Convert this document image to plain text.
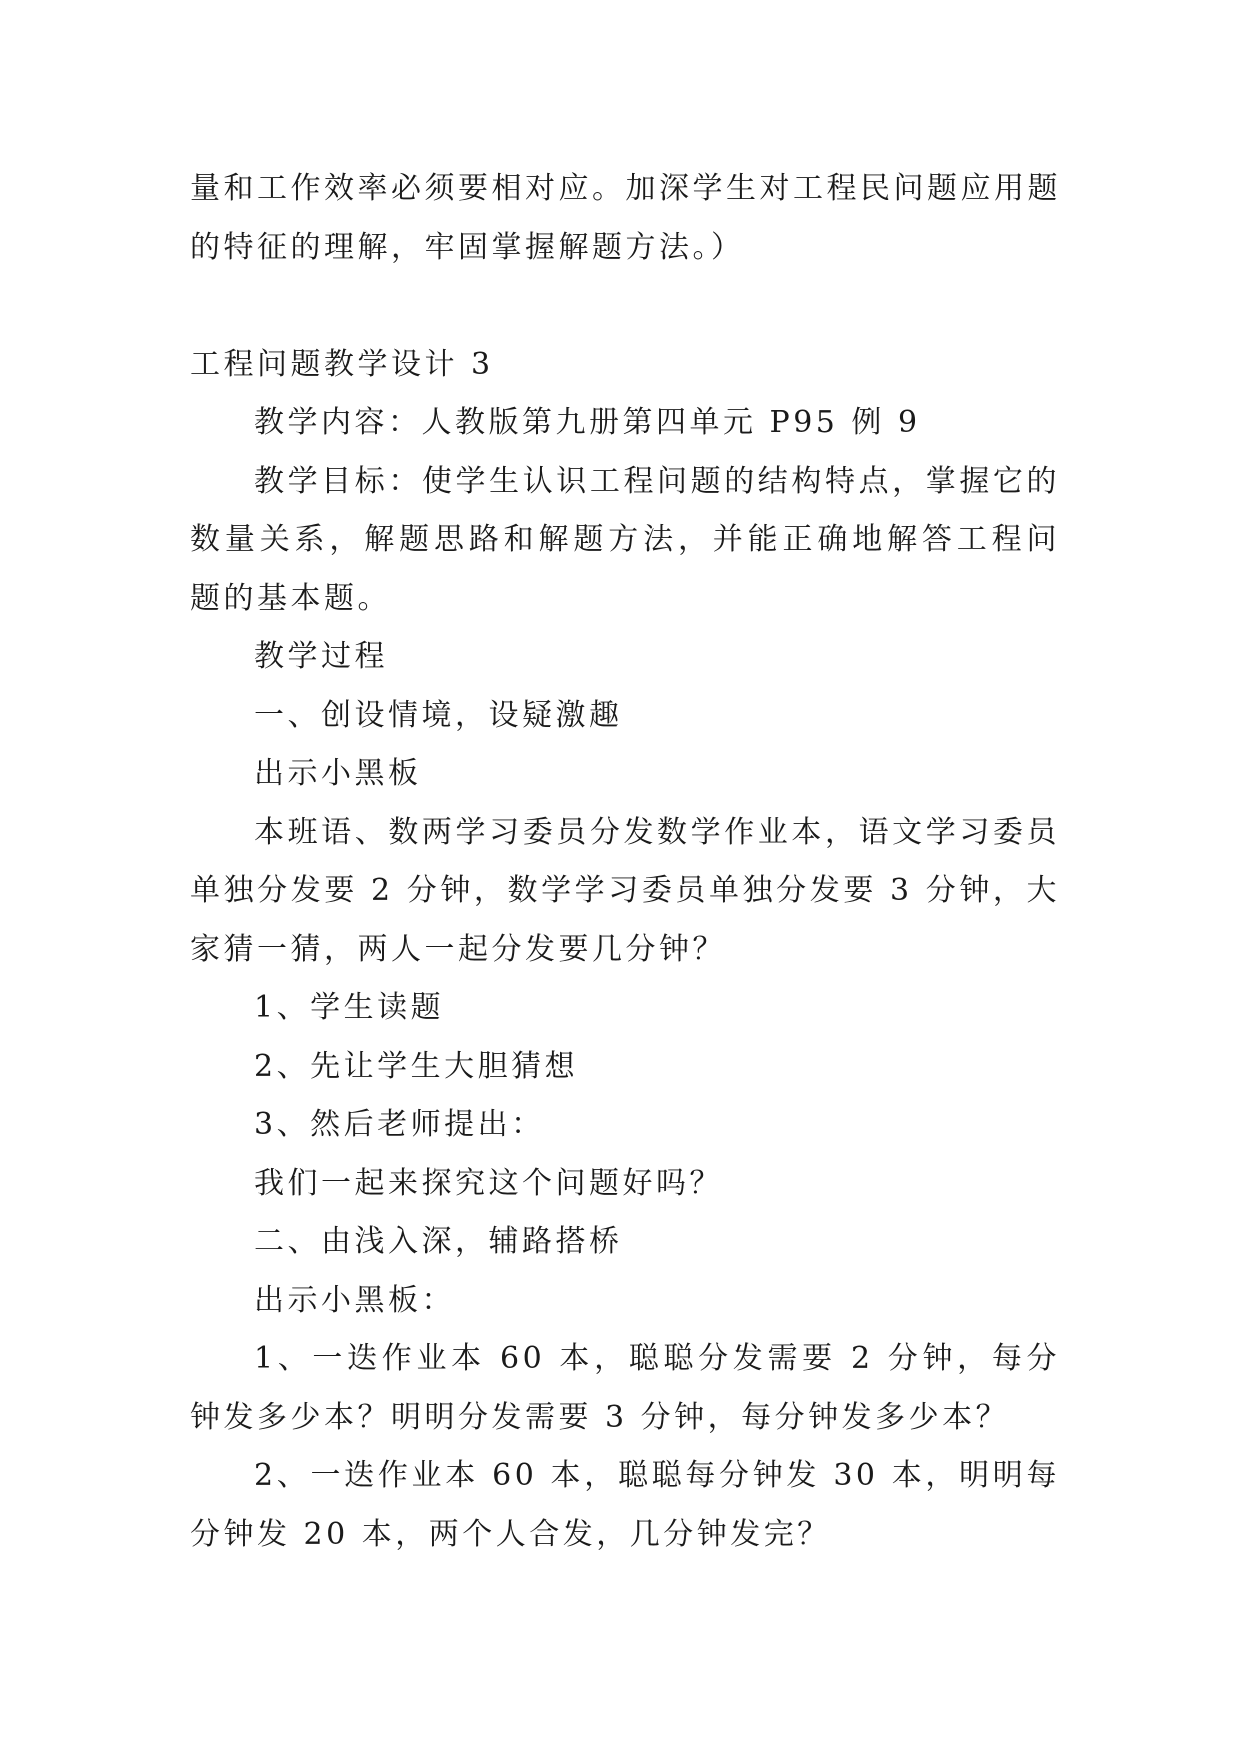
量和工作效率必须要相对应。加深学生对工程民问题应用题
的特征的理解，牢固掌握解题方法。）
工程问题教学设计 3
教学内容：人教版第九册第四单元 P95 例 9
教学目标：使学生认识工程问题的结构特点，掌握它的数量关系，解题思路和解题方法，并能正确地解答工程问题的基本题。
教学过程
一、创设情境，设疑激趣
出示小黑板
本班语、数两学习委员分发数学作业本，语文学习委员单独分发要 2 分钟，数学学习委员单独分发要 3 分钟，大家猜一猜，两人一起分发要几分钟？
1、学生读题
2、先让学生大胆猜想
3、然后老师提出：
我们一起来探究这个问题好吗？
二、由浅入深，辅路搭桥
出示小黑板：
1、一迭作业本 60 本，聪聪分发需要 2 分钟，每分钟发多少本？明明分发需要 3 分钟，每分钟发多少本？
2、一迭作业本 60 本，聪聪每分钟发 30 本，明明每分钟发 20 本，两个人合发，几分钟发完？
